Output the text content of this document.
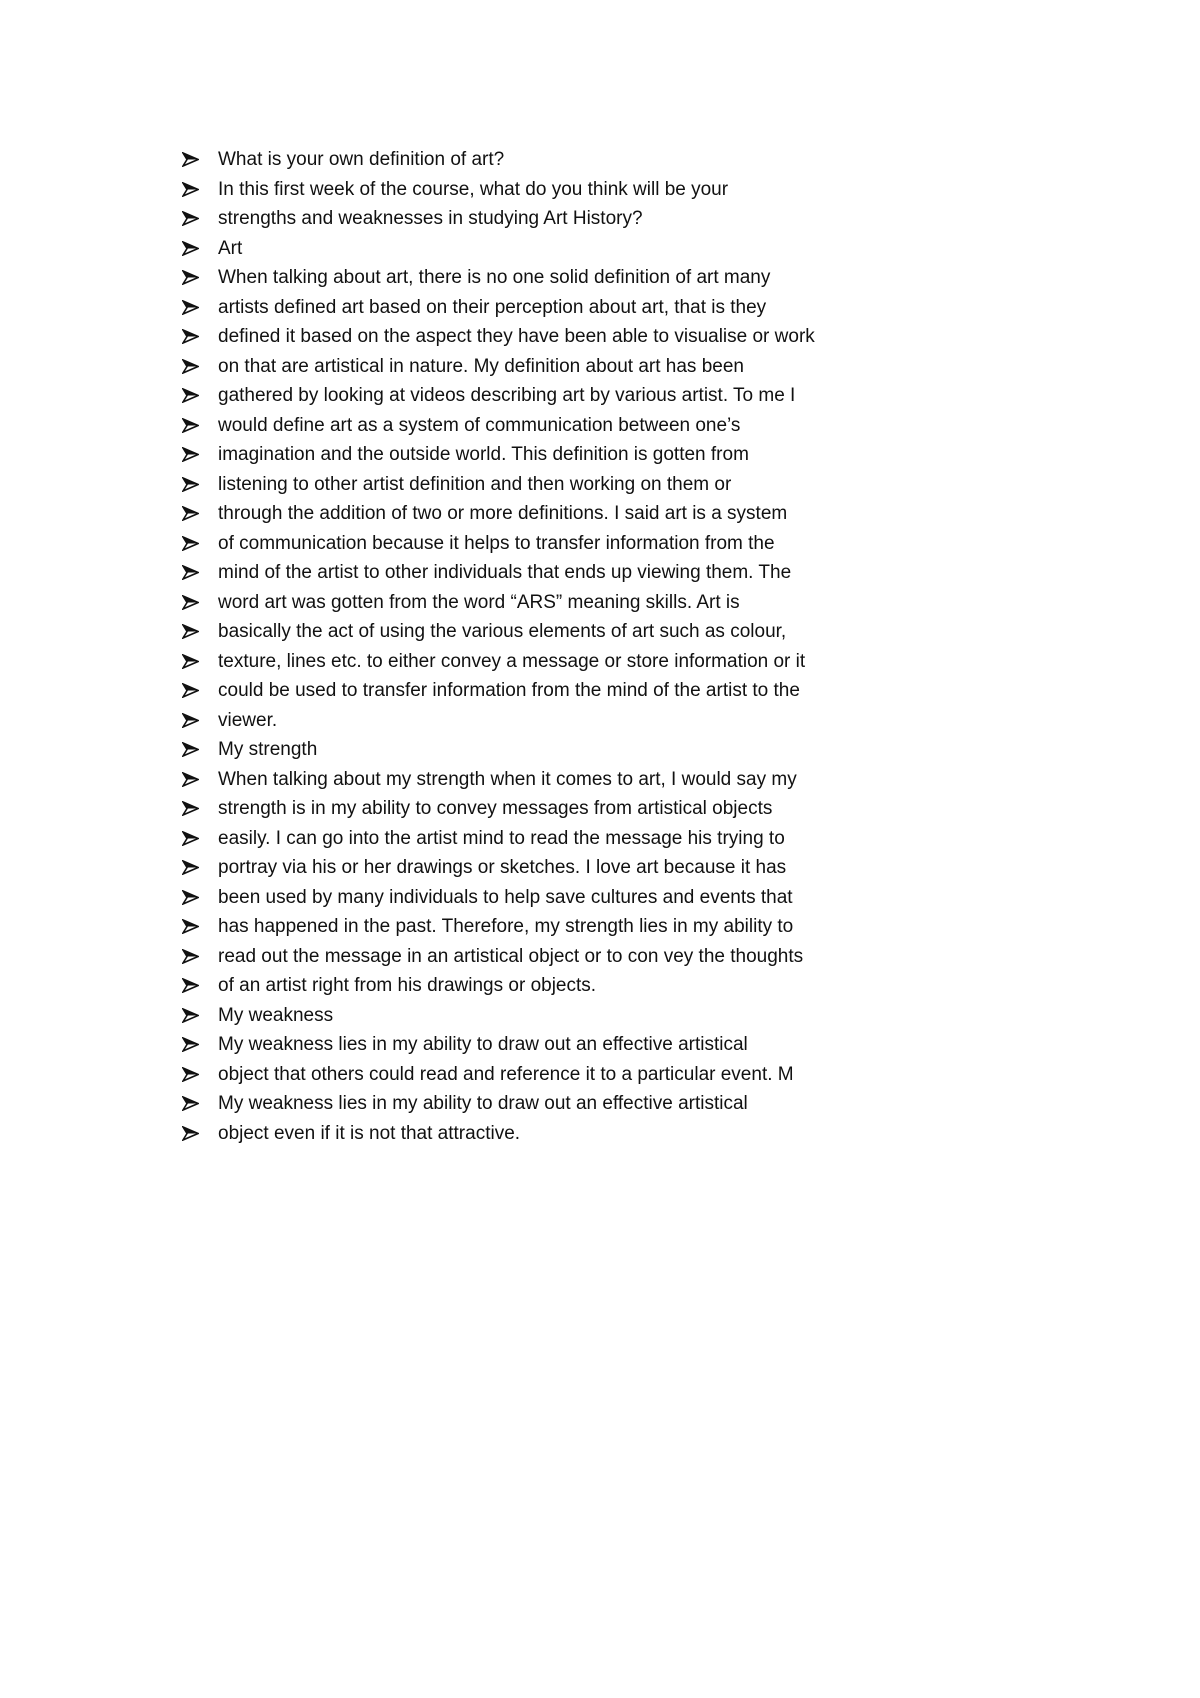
What is your own definition of art?
In this first week of the course, what do you think will be your
strengths and weaknesses in studying Art History?
Art
When talking about art, there is no one solid definition of art many
artists defined art based on their perception about art, that is they
defined it based on the aspect they have been able to visualise or work
on that are artistical in nature. My definition about art has been
gathered by looking at videos describing art by various artist. To me I
would define art as a system of communication between one’s
imagination and the outside world. This definition is gotten from
listening to other artist definition and then working on them or
through the addition of two or more definitions. I said art is a system
of communication because it helps to transfer information from the
mind of the artist to other individuals that ends up viewing them. The
word art was gotten from the word “ARS” meaning skills. Art is
basically the act of using the various elements of art such as colour,
texture, lines etc. to either convey a message or store information or it
could be used to transfer information from the mind of the artist to the
viewer.
My strength
When talking about my strength when it comes to art, I would say my
strength is in my ability to convey messages from artistical objects
easily. I can go into the artist mind to read the message his trying to
portray via his or her drawings or sketches. I love art because it has
been used by many individuals to help save cultures and events that
has happened in the past. Therefore, my strength lies in my ability to
read out the message in an artistical object or to con vey the thoughts
of an artist right from his drawings or objects.
My weakness
My weakness lies in my ability to draw out an effective artistical
object that others could read and reference it to a particular event. M
My weakness lies in my ability to draw out an effective artistical
object even if it is not that attractive.
